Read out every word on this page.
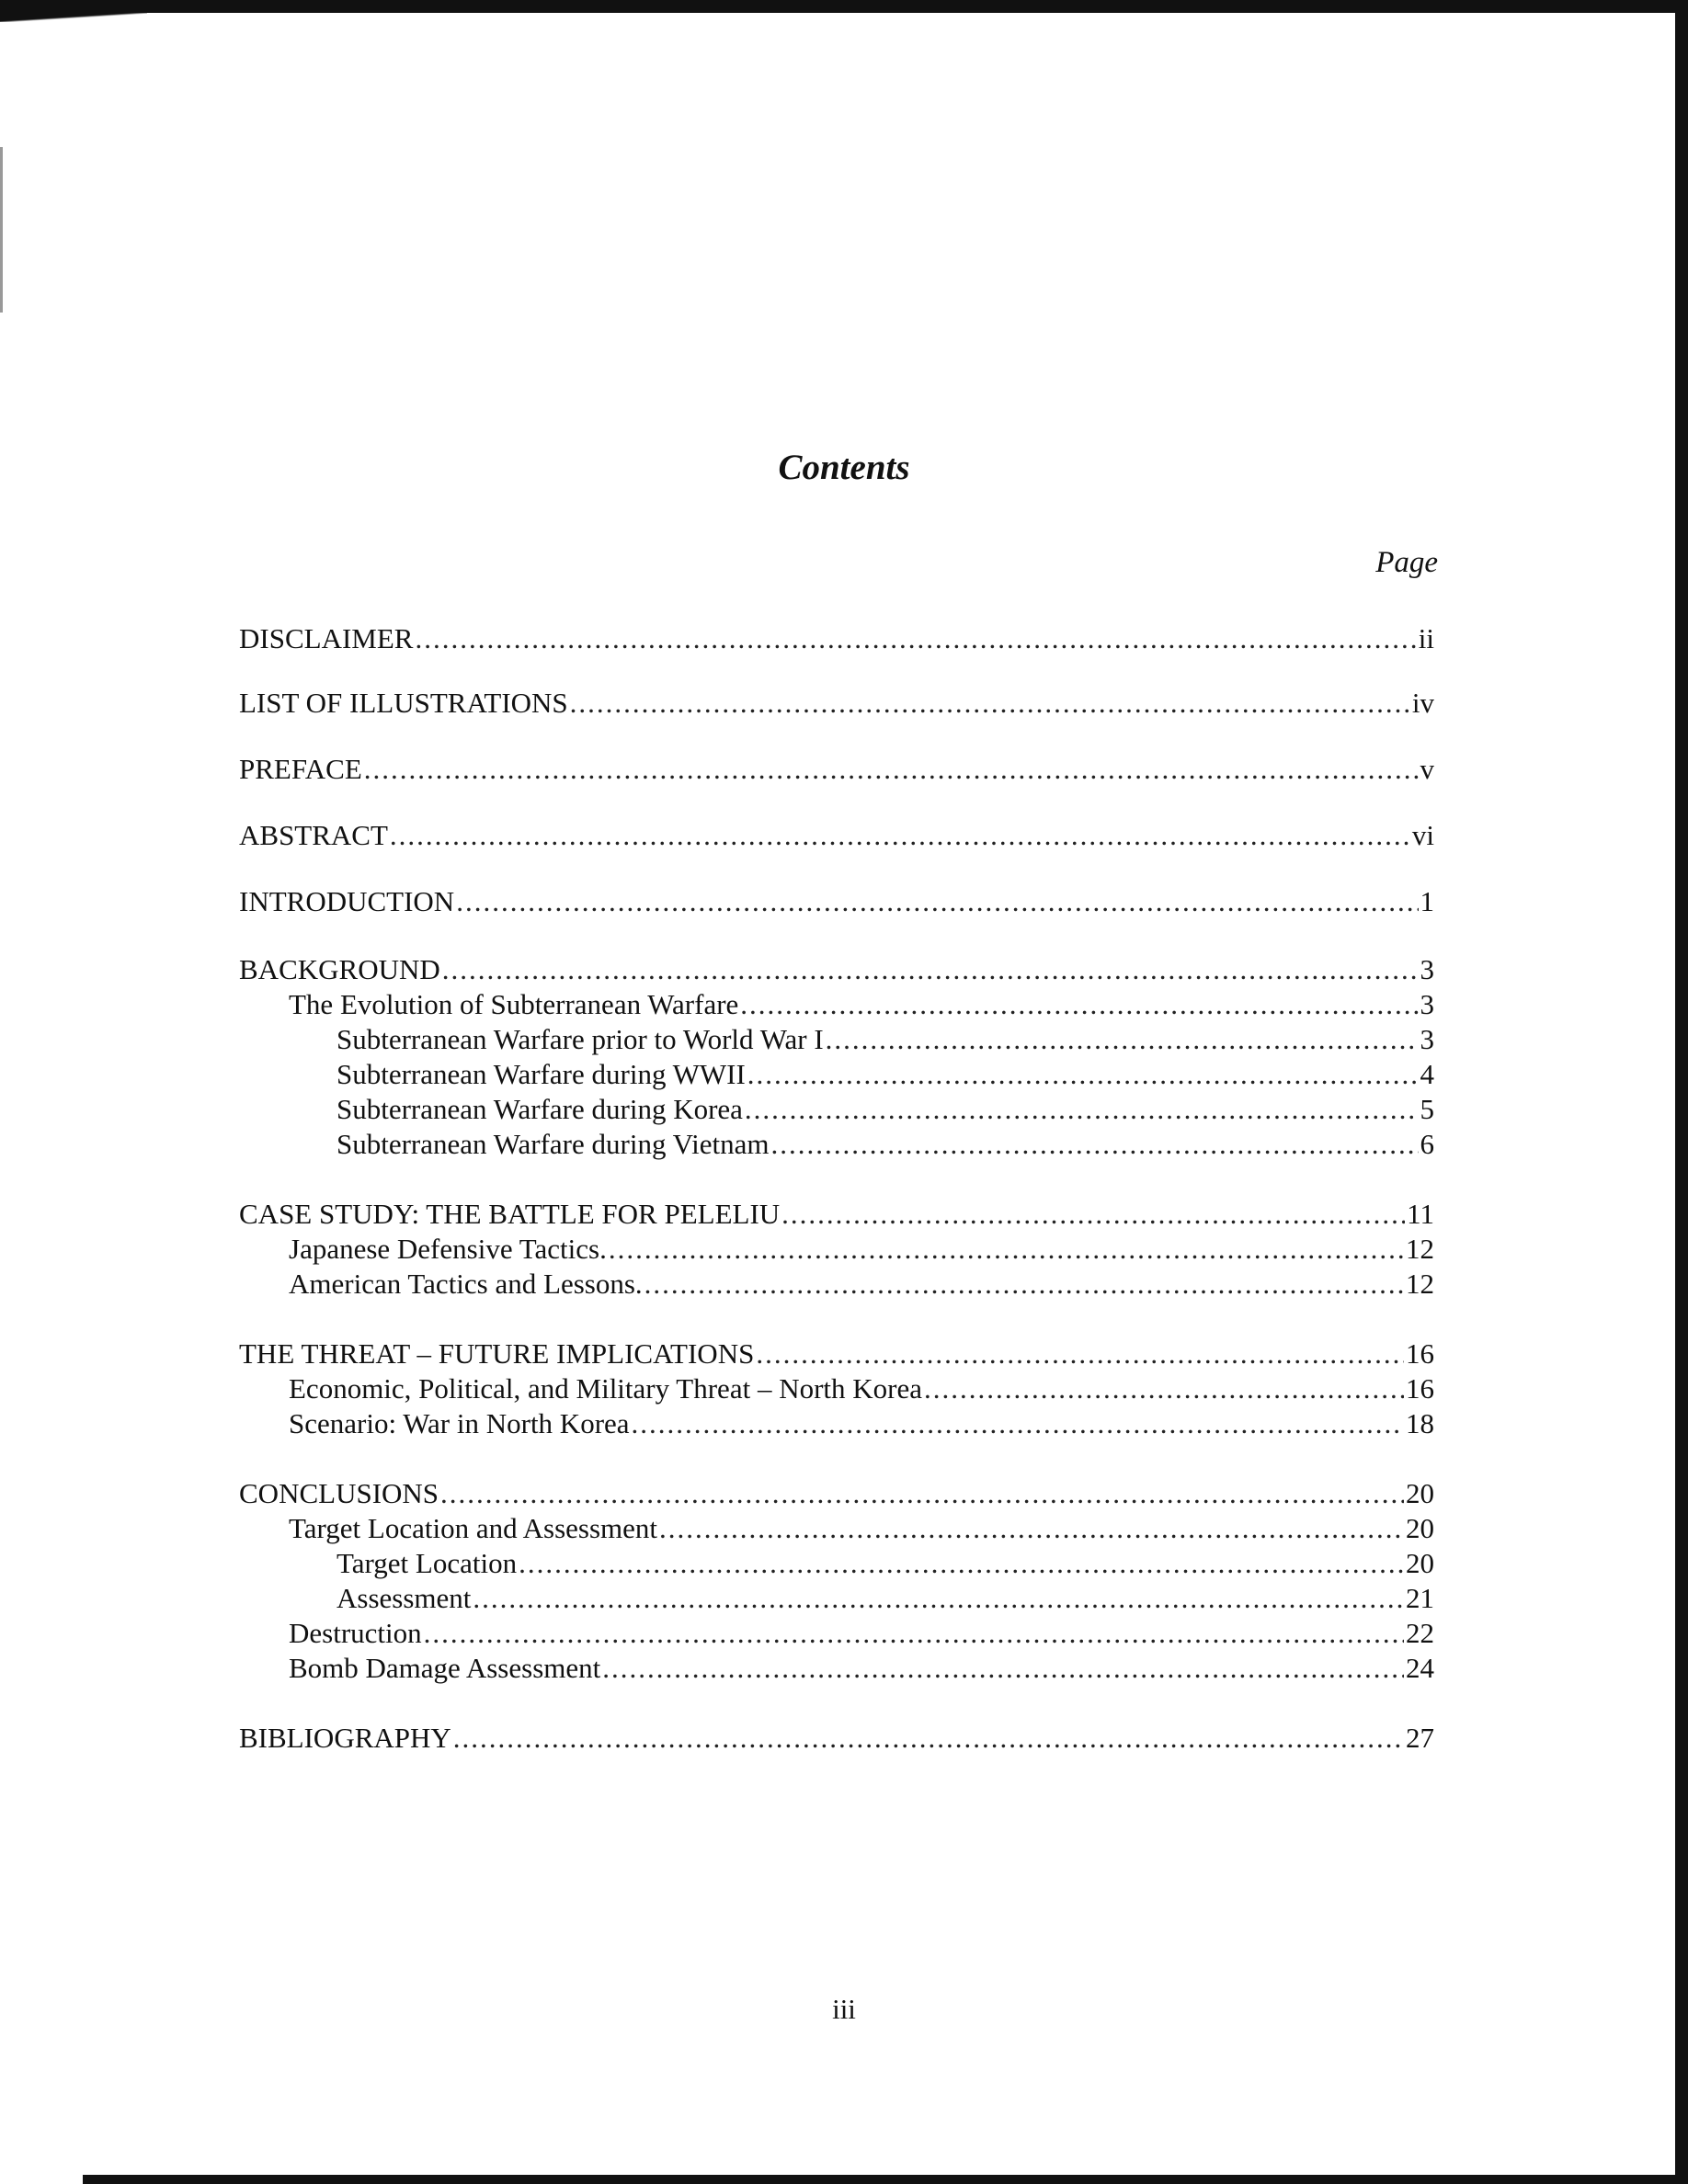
Contents
Page
DISCLAIMER .....	ii
LIST OF ILLUSTRATIONS .....	iv
PREFACE .....	v
ABSTRACT .....	vi
INTRODUCTION .....	1
BACKGROUND .....	3
The Evolution of Subterranean Warfare .....	3
Subterranean Warfare prior to World War I .....	3
Subterranean Warfare during WWII .....	4
Subterranean Warfare during Korea .....	5
Subterranean Warfare during Vietnam .....	6
CASE STUDY: THE BATTLE FOR PELELIU .....	11
Japanese Defensive Tactics. .....	12
American Tactics and Lessons. .....	12
THE THREAT – FUTURE IMPLICATIONS .....	16
Economic, Political, and Military Threat – North Korea .....	16
Scenario: War in North Korea .....	18
CONCLUSIONS .....	20
Target Location and Assessment .....	20
Target Location .....	20
Assessment .....	21
Destruction .....	22
Bomb Damage Assessment .....	24
BIBLIOGRAPHY .....	27
iii
